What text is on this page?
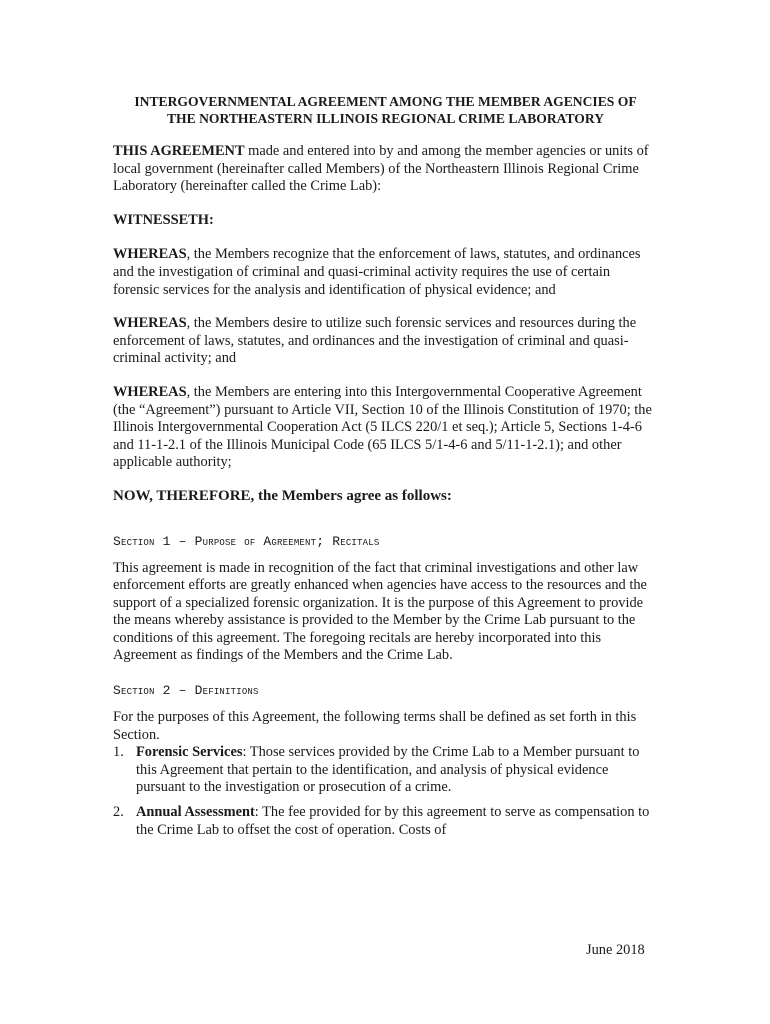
INTERGOVERNMENTAL AGREEMENT AMONG THE MEMBER AGENCIES OF THE NORTHEASTERN ILLINOIS REGIONAL CRIME LABORATORY

THIS AGREEMENT made and entered into by and among the member agencies or units of local government (hereinafter called Members) of the Northeastern Illinois Regional Crime Laboratory (hereinafter called the Crime Lab):

WITNESSETH:

WHEREAS, the Members recognize that the enforcement of laws, statutes, and ordinances and the investigation of criminal and quasi-criminal activity requires the use of certain forensic services for the analysis and identification of physical evidence; and

WHEREAS, the Members desire to utilize such forensic services and resources during the enforcement of laws, statutes, and ordinances and the investigation of criminal and quasi-criminal activity; and

WHEREAS, the Members are entering into this Intergovernmental Cooperative Agreement (the “Agreement”) pursuant to Article VII, Section 10 of the Illinois Constitution of 1970; the Illinois Intergovernmental Cooperation Act (5 ILCS 220/1 et seq.); Article 5, Sections 1-4-6 and 11-1-2.1 of the Illinois Municipal Code (65 ILCS 5/1-4-6 and 5/11-1-2.1); and other applicable authority;

NOW, THEREFORE, the Members agree as follows:
Section 1 – Purpose of Agreement; Recitals

This agreement is made in recognition of the fact that criminal investigations and other law enforcement efforts are greatly enhanced when agencies have access to the resources and the support of a specialized forensic organization. It is the purpose of this Agreement to provide the means whereby assistance is provided to the Member by the Crime Lab pursuant to the conditions of this agreement. The foregoing recitals are hereby incorporated into this Agreement as findings of the Members and the Crime Lab.

Section 2 – Definitions
For the purposes of this Agreement, the following terms shall be defined as set forth in this Section.
1. Forensic Services: Those services provided by the Crime Lab to a Member pursuant to this Agreement that pertain to the identification, and analysis of physical evidence pursuant to the investigation or prosecution of a crime.
2. Annual Assessment: The fee provided for by this agreement to serve as compensation to the Crime Lab to offset the cost of operation. Costs of
June 2018
